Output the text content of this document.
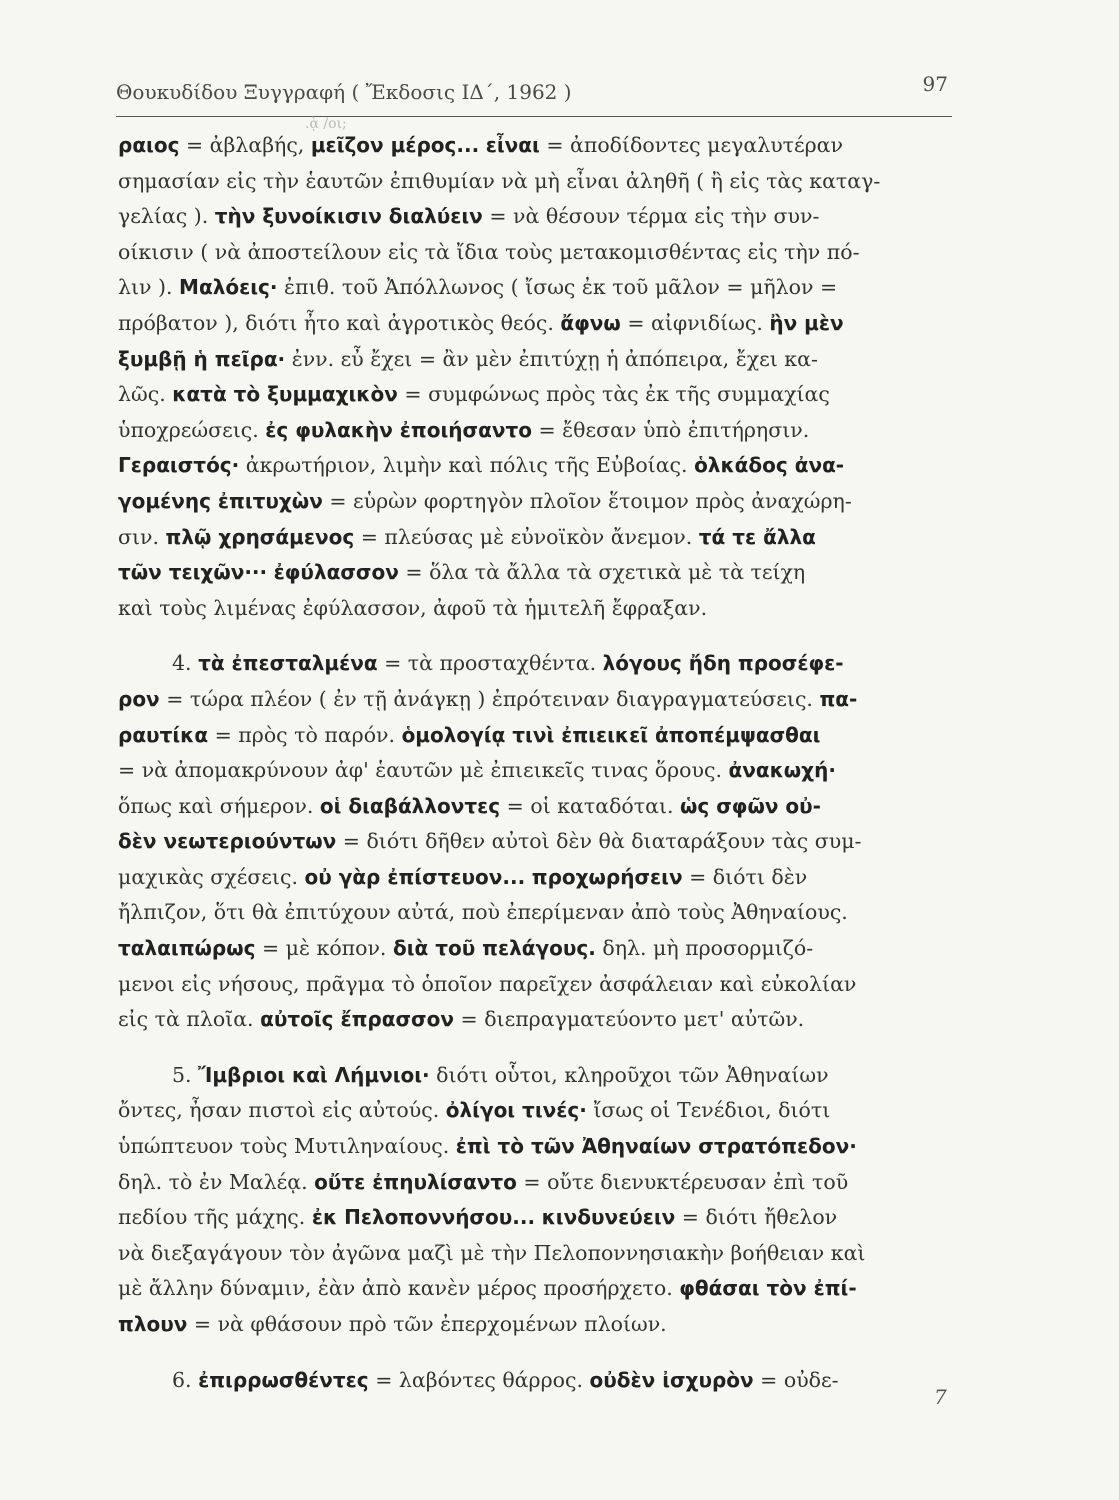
Θουκυδίδου Ξυγγραφή ( Ἔκδοσις ΙΔ΄, 1962 )	97
.ᾲ /οι;
ραιος = ἀβλαβής, μεῖζον μέρος... εἶναι = ἀποδίδοντες μεγαλυτέραν
σημασίαν εἰς τὴν ἑαυτῶν ἐπιθυμίαν νὰ μὴ εἶναι ἀληθῆ ( ἢ εἰς τὰς καταγ-
γελίας ). τὴν ξυνοίκισιν διαλύειν = νὰ θέσουν τέρμα εἰς τὴν συν-
οίκισιν ( νὰ ἀποστείλουν εἰς τὰ ἴδια τοὺς μετακομισθέντας εἰς τὴν πό-
λιν ). Μαλόεις· ἐπιθ. τοῦ Ἀπόλλωνος ( ἴσως ἐκ τοῦ μᾶλον = μῆλον =
πρόβατον ), διότι ἦτο καὶ ἀγροτικὸς θεός. ἄφνω = αἰφνιδίως. ἢν μὲν
ξυμβῇ ἡ πεῖρα· ἐνν. εὖ ἔχει = ἂν μὲν ἐπιτύχῃ ἡ ἀπόπειρα, ἔχει κα-
λῶς. κατὰ τὸ ξυμμαχικὸν = συμφώνως πρὸς τὰς ἐκ τῆς συμμαχίας
ὑποχρεώσεις. ἐς φυλακὴν ἐποιήσαντο = ἔθεσαν ὑπὸ ἐπιτήρησιν.
Γεραιστός· ἀκρωτήριον, λιμὴν καὶ πόλις τῆς Εὐβοίας. ὁλκάδος ἀνα-
γομένης ἐπιτυχὼν = εὑρὼν φορτηγὸν πλοῖον ἕτοιμον πρὸς ἀναχώρη-
σιν. πλῷ χρησάμενος = πλεύσας μὲ εὐνοϊκὸν ἄνεμον. τά τε ἄλλα
τῶν τειχῶν··· ἐφύλασσον = ὅλα τὰ ἄλλα τὰ σχετικὰ μὲ τὰ τείχη
καὶ τοὺς λιμένας ἐφύλασσον, ἀφοῦ τὰ ἡμιτελῆ ἔφραξαν.
4. τὰ ἐπεσταλμένα = τὰ προσταχθέντα. λόγους ἤδη προσέφε-
ρον = τώρα πλέον ( ἐν τῇ ἀνάγκῃ ) ἐπρότειναν διαγραγματεύσεις. πα-
ραυτίκα = πρὸς τὸ παρόν. ὁμολογίᾳ τινὶ ἐπιεικεῖ ἀποπέμψασθαι
= νὰ ἀπομακρύνουν ἀφ' ἑαυτῶν μὲ ἐπιεικεῖς τινας ὅρους. ἀνακωχή·
ὅπως καὶ σήμερον. οἱ διαβάλλοντες = οἱ καταδόται. ὡς σφῶν οὐ-
δὲν νεωτεριούντων = διότι δῆθεν αὐτοὶ δὲν θὰ διαταράξουν τὰς συμ-
μαχικὰς σχέσεις. οὐ γὰρ ἐπίστευον... προχωρήσειν = διότι δὲν
ἤλπιζον, ὅτι θὰ ἐπιτύχουν αὐτά, ποὺ ἐπερίμεναν ἀπὸ τοὺς Ἀθηναίους.
ταλαιπώρως = μὲ κόπον. διὰ τοῦ πελάγους. δηλ. μὴ προσορμιζό-
μενοι εἰς νήσους, πρᾶγμα τὸ ὁποῖον παρεῖχεν ἀσφάλειαν καὶ εὐκολίαν
εἰς τὰ πλοῖα. αὐτοῖς ἔπρασσον = διεπραγματεύοντο μετ' αὐτῶν.
5. Ἴμβριοι καὶ Λήμνιοι· διότι οὗτοι, κληροῦχοι τῶν Ἀθηναίων
ὄντες, ἦσαν πιστοὶ εἰς αὐτούς. ὀλίγοι τινές· ἴσως οἱ Τενέδιοι, διότι
ὑπώπτευον τοὺς Μυτιληναίους. ἐπὶ τὸ τῶν Ἀθηναίων στρατόπεδον·
δηλ. τὸ ἐν Μαλέᾳ. οὔτε ἐπηυλίσαντο = οὔτε διενυκτέρευσαν ἐπὶ τοῦ
πεδίου τῆς μάχης. ἐκ Πελοποννήσου... κινδυνεύειν = διότι ἤθελον
νὰ διεξαγάγουν τὸν ἀγῶνα μαζὶ μὲ τὴν Πελοποννησιακὴν βοήθειαν καὶ
μὲ ἄλλην δύναμιν, ἐὰν ἀπὸ κανὲν μέρος προσήρχετο. φθάσαι τὸν ἐπί-
πλουν = νὰ φθάσουν πρὸ τῶν ἐπερχομένων πλοίων.
6. ἐπιρρωσθέντες = λαβόντες θάρρος. οὐδὲν ἰσχυρὸν = οὐδε-
7
